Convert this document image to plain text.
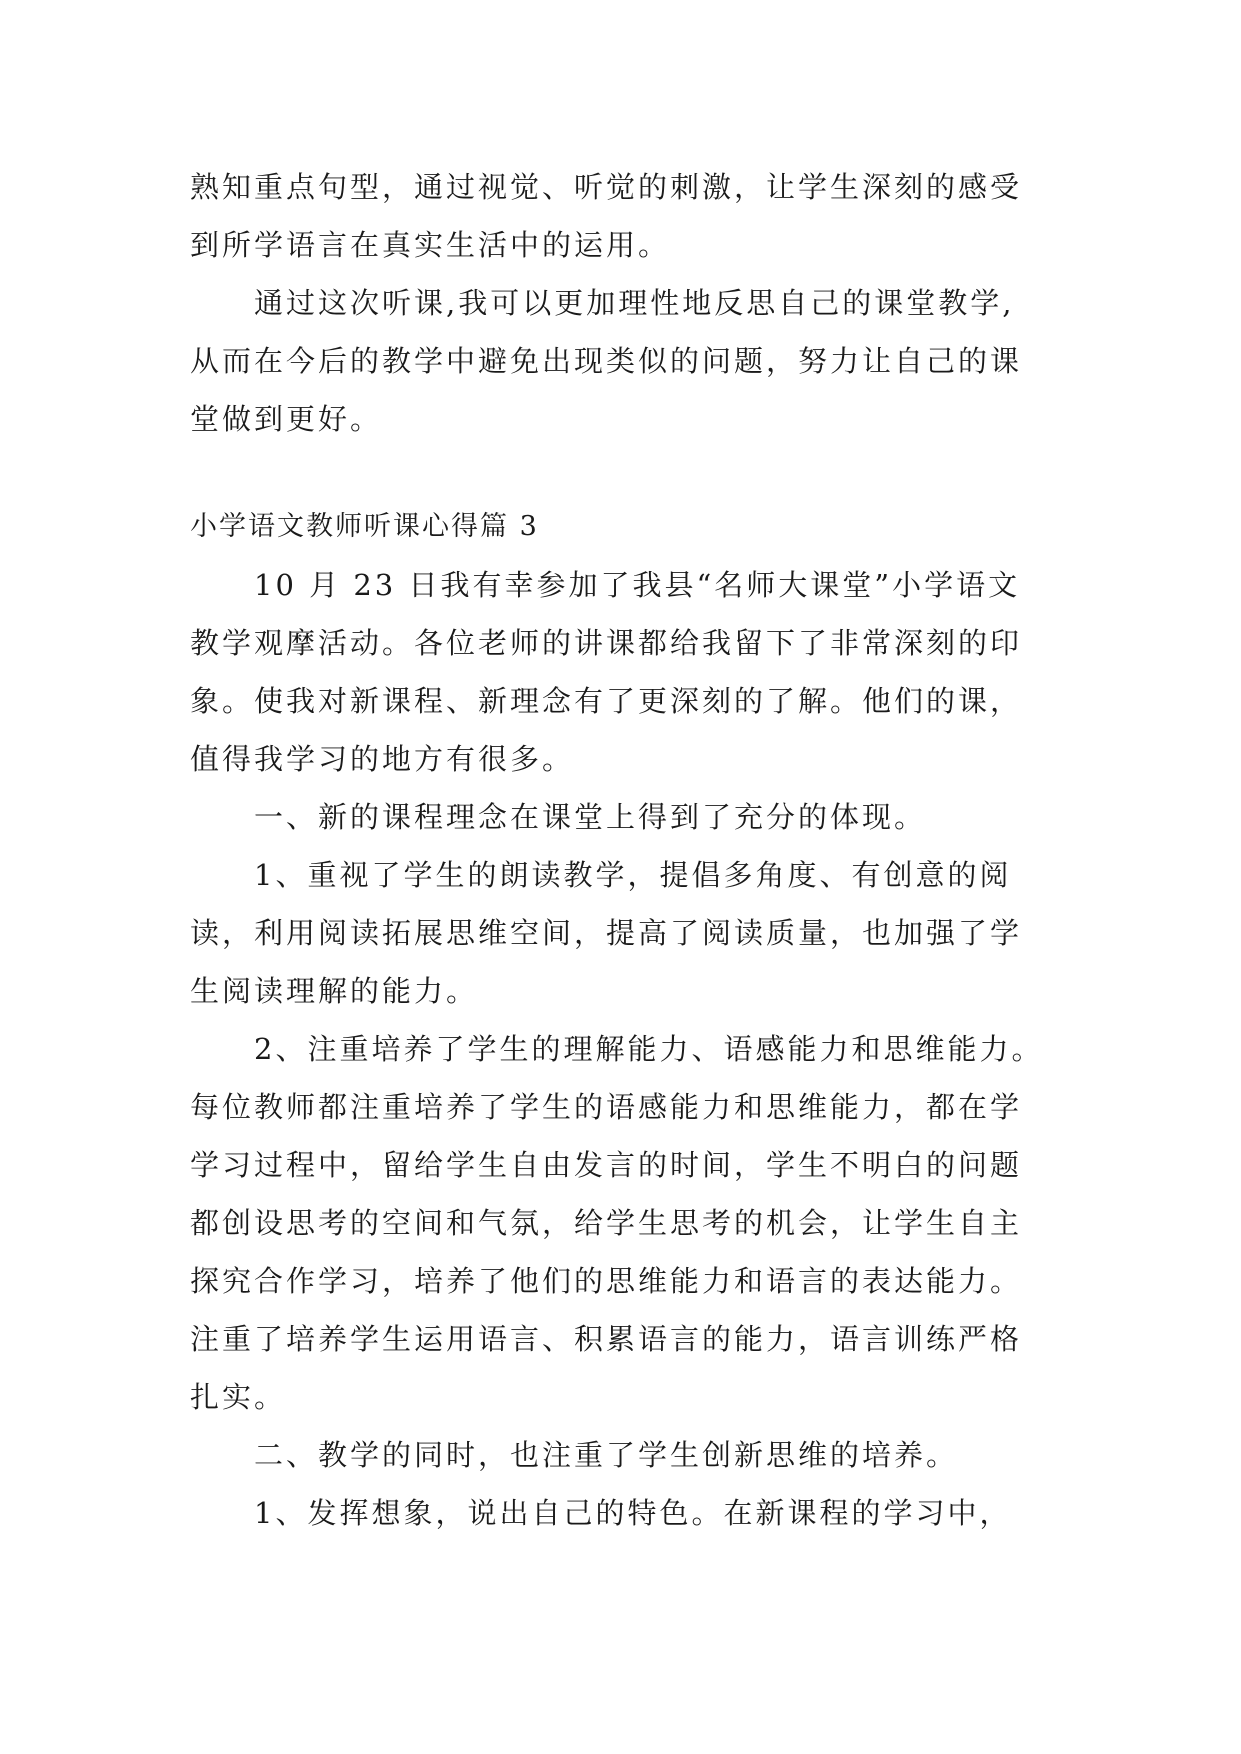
熟知重点句型，通过视觉、听觉的刺激，让学生深刻的感受
到所学语言在真实生活中的运用。

通过这次听课,我可以更加理性地反思自己的课堂教学,
从而在今后的教学中避免出现类似的问题，努力让自己的课
堂做到更好。

小学语文教师听课心得篇 3

10 月 23 日我有幸参加了我县“名师大课堂”小学语文
教学观摩活动。各位老师的讲课都给我留下了非常深刻的印
象。使我对新课程、新理念有了更深刻的了解。他们的课，
值得我学习的地方有很多。

一、新的课程理念在课堂上得到了充分的体现。

1、重视了学生的朗读教学，提倡多角度、有创意的阅
读，利用阅读拓展思维空间，提高了阅读质量，也加强了学
生阅读理解的能力。

2、注重培养了学生的理解能力、语感能力和思维能力。
每位教师都注重培养了学生的语感能力和思维能力，都在学
学习过程中，留给学生自由发言的时间，学生不明白的问题
都创设思考的空间和气氛，给学生思考的机会，让学生自主
探究合作学习，培养了他们的思维能力和语言的表达能力。
注重了培养学生运用语言、积累语言的能力，语言训练严格
扎实。

二、教学的同时，也注重了学生创新思维的培养。

1、发挥想象，说出自己的特色。在新课程的学习中，
